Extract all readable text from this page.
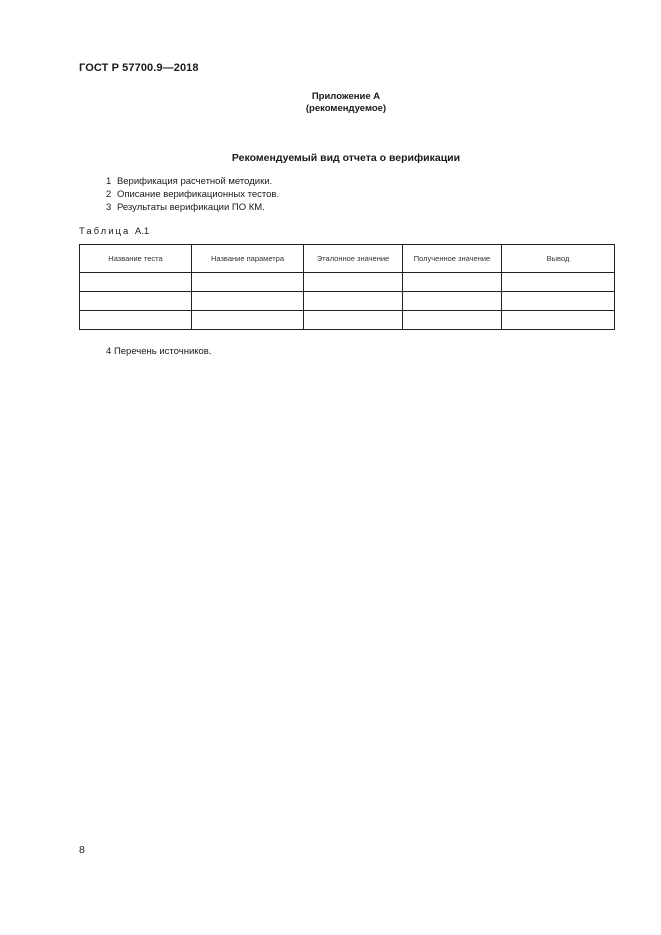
ГОСТ Р 57700.9—2018
Приложение А
(рекомендуемое)
Рекомендуемый вид отчета о верификации
1 Верификация расчетной методики.
2 Описание верификационных тестов.
3 Результаты верификации ПО КМ.
Таблица А.1
Название теста	Название параметра	Эталонное значение	Полученное значение	Вывод

4 Перечень источников.
8
